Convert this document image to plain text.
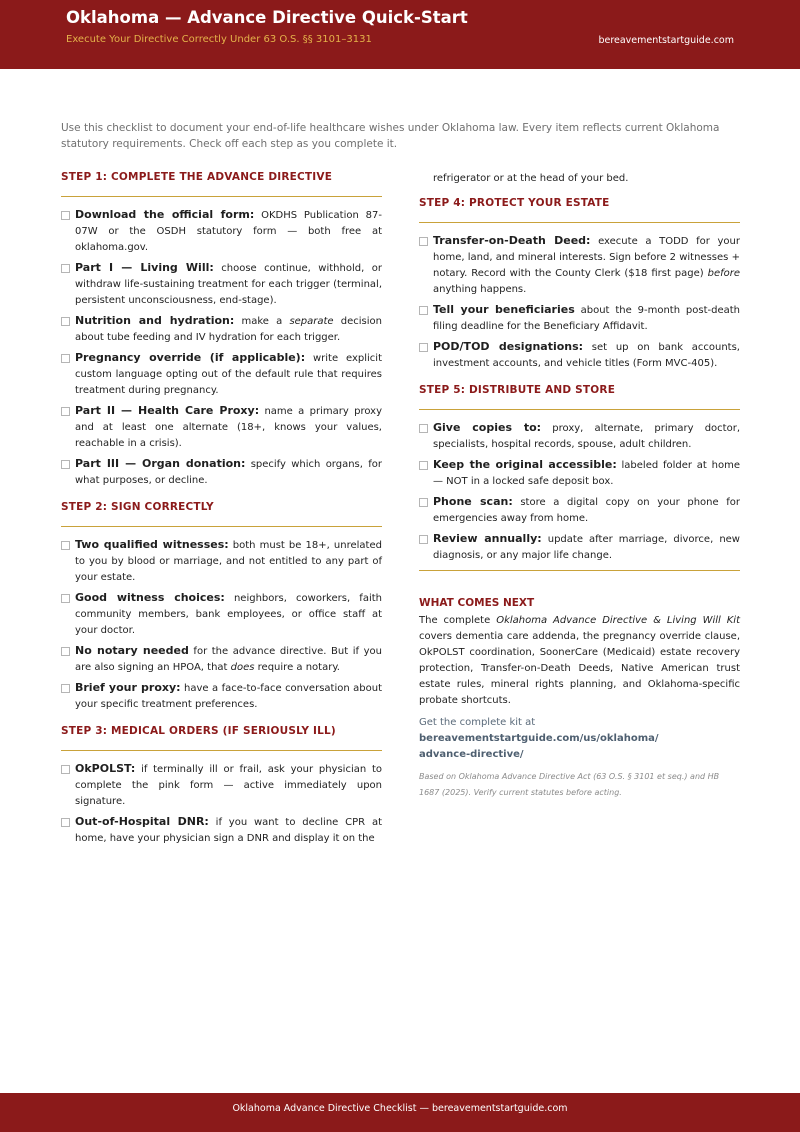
Oklahoma — Advance Directive Quick-Start
Execute Your Directive Correctly Under 63 O.S. §§ 3101–3131	bereavementstartguide.com
Use this checklist to document your end-of-life healthcare wishes under Oklahoma law. Every item reflects current Oklahoma statutory requirements. Check off each step as you complete it.
STEP 1: COMPLETE THE ADVANCE DIRECTIVE
Download the official form: OKDHS Publication 87-07W or the OSDH statutory form — both free at oklahoma.gov.
Part I — Living Will: choose continue, withhold, or withdraw life-sustaining treatment for each trigger (terminal, persistent unconsciousness, end-stage).
Nutrition and hydration: make a separate decision about tube feeding and IV hydration for each trigger.
Pregnancy override (if applicable): write explicit custom language opting out of the default rule that requires treatment during pregnancy.
Part II — Health Care Proxy: name a primary proxy and at least one alternate (18+, knows your values, reachable in a crisis).
Part III — Organ donation: specify which organs, for what purposes, or decline.
STEP 2: SIGN CORRECTLY
Two qualified witnesses: both must be 18+, unrelated to you by blood or marriage, and not entitled to any part of your estate.
Good witness choices: neighbors, coworkers, faith community members, bank employees, or office staff at your doctor.
No notary needed for the advance directive. But if you are also signing an HPOA, that does require a notary.
Brief your proxy: have a face-to-face conversation about your specific treatment preferences.
STEP 3: MEDICAL ORDERS (IF SERIOUSLY ILL)
OkPOLST: if terminally ill or frail, ask your physician to complete the pink form — active immediately upon signature.
Out-of-Hospital DNR: if you want to decline CPR at home, have your physician sign a DNR and display it on the
refrigerator or at the head of your bed.
STEP 4: PROTECT YOUR ESTATE
Transfer-on-Death Deed: execute a TODD for your home, land, and mineral interests. Sign before 2 witnesses + notary. Record with the County Clerk ($18 first page) before anything happens.
Tell your beneficiaries about the 9-month post-death filing deadline for the Beneficiary Affidavit.
POD/TOD designations: set up on bank accounts, investment accounts, and vehicle titles (Form MVC-405).
STEP 5: DISTRIBUTE AND STORE
Give copies to: proxy, alternate, primary doctor, specialists, hospital records, spouse, adult children.
Keep the original accessible: labeled folder at home — NOT in a locked safe deposit box.
Phone scan: store a digital copy on your phone for emergencies away from home.
Review annually: update after marriage, divorce, new diagnosis, or any major life change.
WHAT COMES NEXT
The complete Oklahoma Advance Directive & Living Will Kit covers dementia care addenda, the pregnancy override clause, OkPOLST coordination, SoonerCare (Medicaid) estate recovery protection, Transfer-on-Death Deeds, Native American trust estate rules, mineral rights planning, and Oklahoma-specific probate shortcuts.
Get the complete kit at
bereavementstartguide.com/us/oklahoma/
advance-directive/
Based on Oklahoma Advance Directive Act (63 O.S. § 3101 et seq.) and HB 1687 (2025). Verify current statutes before acting.
Oklahoma Advance Directive Checklist — bereavementstartguide.com
